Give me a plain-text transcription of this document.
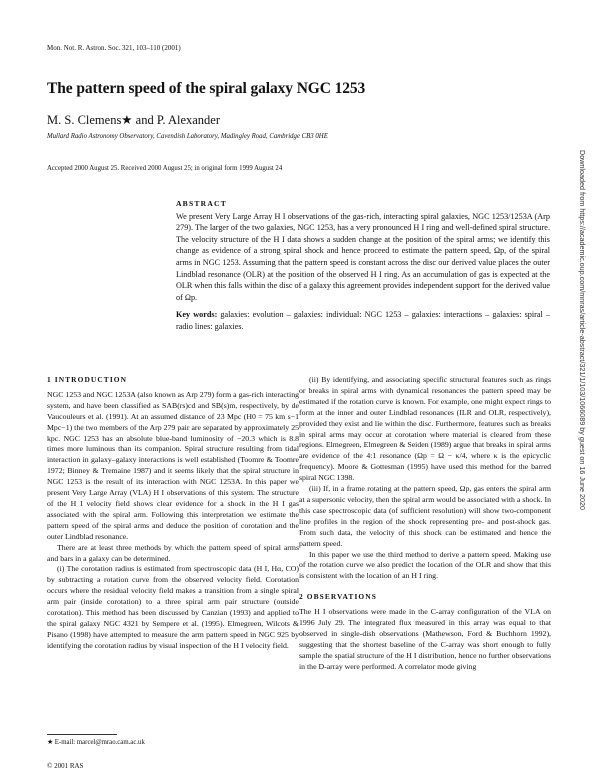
Mon. Not. R. Astron. Soc. 321, 103–110 (2001)
The pattern speed of the spiral galaxy NGC 1253
M. S. Clemens★ and P. Alexander
Mullard Radio Astronomy Observatory, Cavendish Laboratory, Madingley Road, Cambridge CB3 0HE
Accepted 2000 August 25. Received 2000 August 25; in original form 1999 August 24
ABSTRACT

We present Very Large Array H I observations of the gas-rich, interacting spiral galaxies, NGC 1253/1253A (Arp 279). The larger of the two galaxies, NGC 1253, has a very pronounced H I ring and well-defined spiral structure. The velocity structure of the H I data shows a sudden change at the position of the spiral arms; we identify this change as evidence of a strong spiral shock and hence proceed to estimate the pattern speed, Ωp, of the spiral arms in NGC 1253. Assuming that the pattern speed is constant across the disc our derived value places the outer Lindblad resonance (OLR) at the position of the observed H I ring. As an accumulation of gas is expected at the OLR when this falls within the disc of a galaxy this agreement provides independent support for the derived value of Ωp.

Key words: galaxies: evolution – galaxies: individual: NGC 1253 – galaxies: interactions – galaxies: spiral – radio lines: galaxies.

1 INTRODUCTION

NGC 1253 and NGC 1253A (also known as Arp 279) form a gas-rich interacting system, and have been classified as SAB(rs)cd and SB(s)m, respectively, by de Vaucouleurs et al. (1991). At an assumed distance of 23 Mpc (H0 = 75 km s−1 Mpc−1) the two members of the Arp 279 pair are separated by approximately 25 kpc. NGC 1253 has an absolute blue-band luminosity of −20.3 which is 8.8 times more luminous than its companion. Spiral structure resulting from tidal interaction in galaxy–galaxy interactions is well established (Toomre & Toomre 1972; Binney & Tremaine 1987) and it seems likely that the spiral structure in NGC 1253 is the result of its interaction with NGC 1253A. In this paper we present Very Large Array (VLA) H I observations of this system. The structure of the H I velocity field shows clear evidence for a shock in the H I gas associated with the spiral arm. Following this interpretation we estimate the pattern speed of the spiral arms and deduce the position of corotation and the outer Lindblad resonance.

There are at least three methods by which the pattern speed of spiral arms and bars in a galaxy can be determined.

(i) The corotation radius is estimated from spectroscopic data (H I, Hα, CO) by subtracting a rotation curve from the observed velocity field. Corotation occurs where the residual velocity field makes a transition from a single spiral arm pair (inside corotation) to a three spiral arm pair structure (outside corotation). This method has been discussed by Canzian (1993) and applied to the spiral galaxy NGC 4321 by Sempere et al. (1995). Elmegreen, Wilcots & Pisano (1998) have attempted to measure the arm pattern speed in NGC 925 by identifying the corotation radius by visual inspection of the H I velocity field.

(ii) By identifying, and associating specific structural features such as rings or breaks in spiral arms with dynamical resonances the pattern speed may be estimated if the rotation curve is known. For example, one might expect rings to form at the inner and outer Lindblad resonances (ILR and OLR, respectively), provided they exist and lie within the disc. Furthermore, features such as breaks in spiral arms may occur at corotation where material is cleared from these regions. Elmegreen, Elmegreen & Seiden (1989) argue that breaks in spiral arms are evidence of the 4:1 resonance (Ωp = Ω − κ/4, where κ is the epicyclic frequency). Moore & Gottesman (1995) have used this method for the barred spiral NGC 1398.

(iii) If, in a frame rotating at the pattern speed, Ωp, gas enters the spiral arm at a supersonic velocity, then the spiral arm would be associated with a shock. In this case spectroscopic data (of sufficient resolution) will show two-component line profiles in the region of the shock representing pre- and post-shock gas. From such data, the velocity of this shock can be estimated and hence the pattern speed.

In this paper we use the third method to derive a pattern speed. Making use of the rotation curve we also predict the location of the OLR and show that this is consistent with the location of an H I ring.

2 OBSERVATIONS

The H I observations were made in the C-array configuration of the VLA on 1996 July 29. The integrated flux measured in this array was equal to that observed in single-dish observations (Mathewson, Ford & Buchhorn 1992), suggesting that the shortest baseline of the C-array was short enough to fully sample the spatial structure of the H I distribution, hence no further observations in the D-array were performed. A correlator mode giving

★ E-mail: marcel@mrao.cam.ac.uk
© 2001 RAS
Downloaded from https://academic.oup.com/mnras/article-abstract/321/1/103/1066089 by guest on 16 June 2020
